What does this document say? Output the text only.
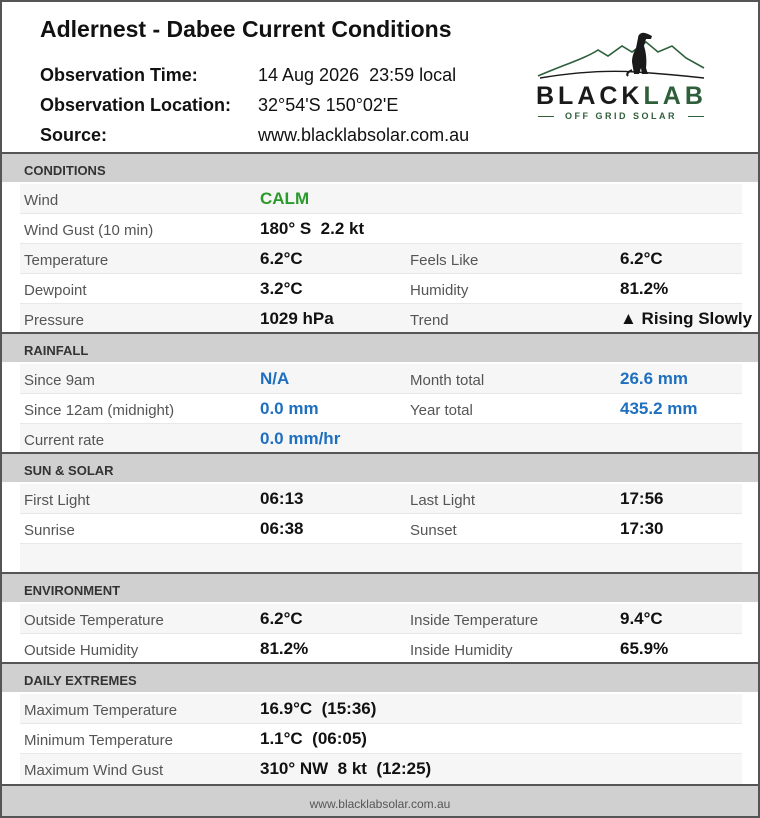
Adlernest - Dabee Current Conditions
Observation Time:	14 Aug 2026  23:59 local
Observation Location: 32°54'S 150°02'E
Source:	www.blacklabsolar.com.au
BLACKLAB
OFF GRID SOLAR
CONDITIONS
Wind	CALM
Wind Gust (10 min)	180° S  2.2 kt
Temperature	6.2°C	Feels Like	6.2°C
Dewpoint	3.2°C	Humidity	81.2%
Pressure	1029 hPa	Trend	▲ Rising Slowly
RAINFALL
Since 9am	N/A	Month total	26.6 mm
Since 12am (midnight)	0.0 mm	Year total	435.2 mm
Current rate	0.0 mm/hr
SUN & SOLAR
First Light	06:13	Last Light	17:56
Sunrise	06:38	Sunset	17:30
ENVIRONMENT
Outside Temperature	6.2°C	Inside Temperature	9.4°C
Outside Humidity	81.2%	Inside Humidity	65.9%
DAILY EXTREMES
Maximum Temperature	16.9°C  (15:36)
Minimum Temperature	1.1°C  (06:05)
Maximum Wind Gust	310° NW  8 kt  (12:25)
www.blacklabsolar.com.au
